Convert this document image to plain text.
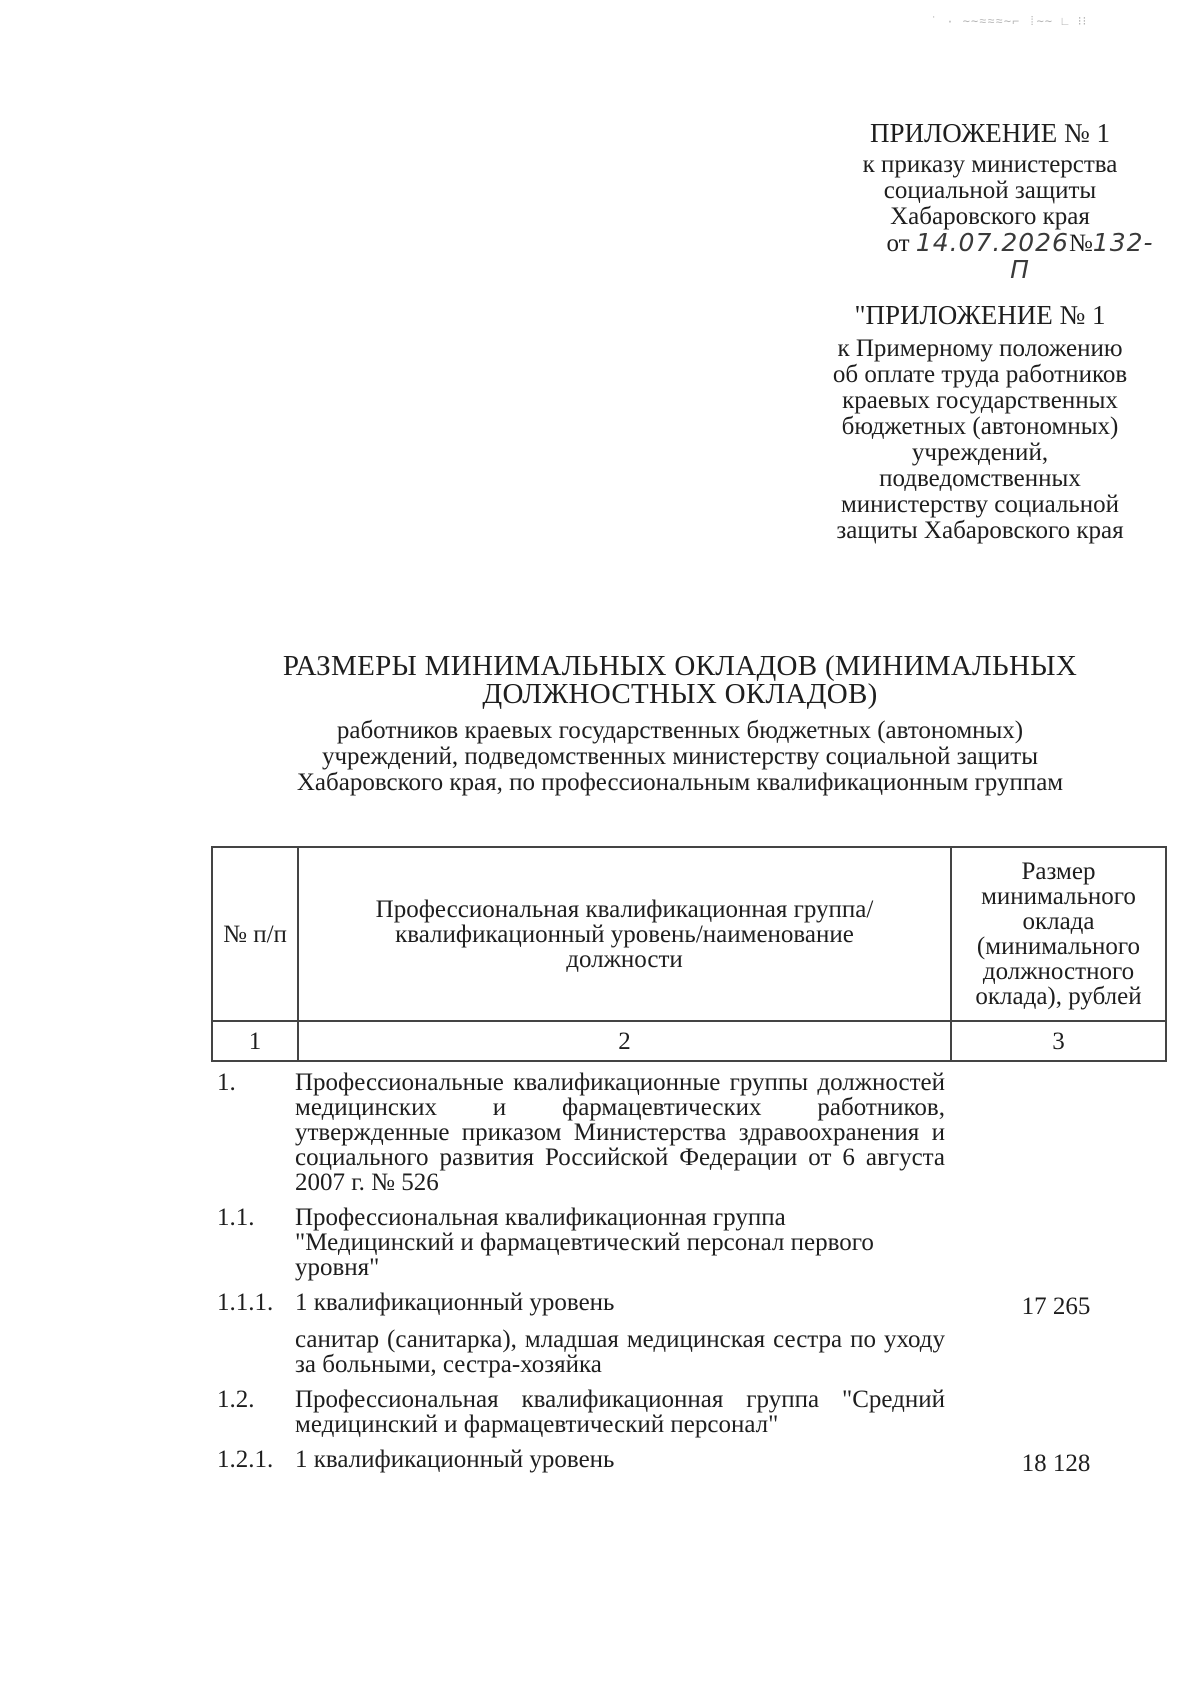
˙ · ∼∼≈≈≈∼⌐ ⁞∼∼ ∟ ⁝⁝
ПРИЛОЖЕНИЕ № 1
к приказу министерства
социальной защиты
Хабаровского края
от 14.07.2026№132-П
"ПРИЛОЖЕНИЕ № 1
к Примерному положению
об оплате труда работников
краевых государственных
бюджетных (автономных)
учреждений,
подведомственных
министерству социальной
защиты Хабаровского края
РАЗМЕРЫ МИНИМАЛЬНЫХ ОКЛАДОВ (МИНИМАЛЬНЫХ
ДОЛЖНОСТНЫХ ОКЛАДОВ)
работников краевых государственных бюджетных (автономных)
учреждений, подведомственных министерству социальной защиты
Хабаровского края, по профессиональным квалификационным группам
№ п/п	Профессиональная квалификационная группа/ квалификационный уровень/наименование должности	Размер минимального оклада (минимального должностного оклада), рублей
1	2	3
1.	Профессиональные квалификационные группы должностей медицинских и фармацевтических работников, утвержденные приказом Министерства здравоохранения и социального развития Российской Федерации от 6 августа 2007 г. № 526
1.1.	Профессиональная квалификационная группа "Медицинский и фармацевтический персонал первого уровня"
1.1.1. 1 квалификационный уровень	17 265
санитар (санитарка), младшая медицинская сестра по уходу за больными, сестра-хозяйка
1.2.	Профессиональная квалификационная группа "Средний медицинский и фармацевтический персонал"
1.2.1. 1 квалификационный уровень	18 128
